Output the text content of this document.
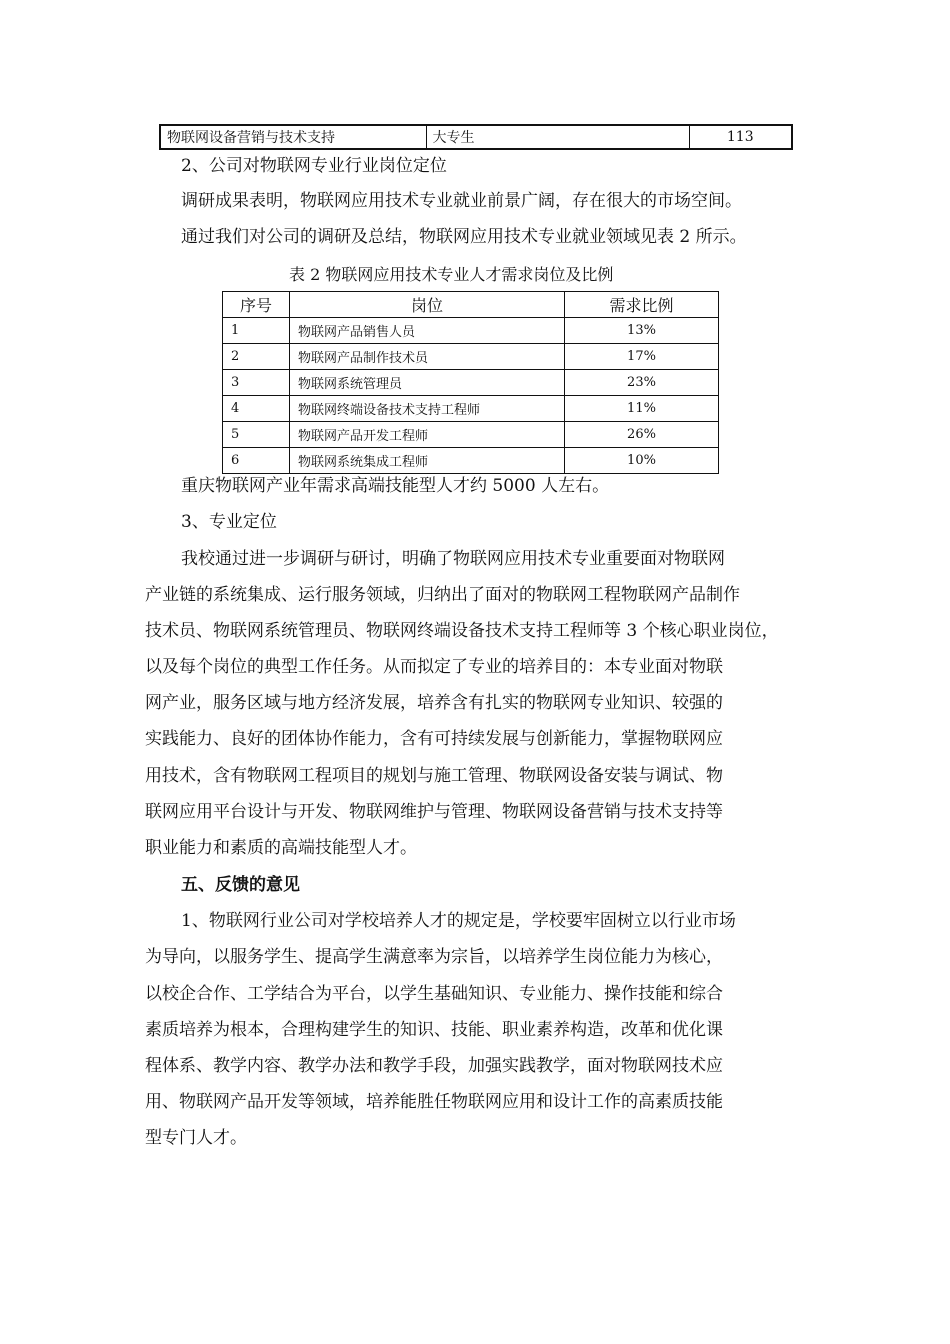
物联网设备营销与技术支持	大专生	113
2、公司对物联网专业行业岗位定位
调研成果表明，物联网应用技术专业就业前景广阔，存在很大的市场空间。
通过我们对公司的调研及总结，物联网应用技术专业就业领域见表 2 所示。
表 2 物联网应用技术专业人才需求岗位及比例
序号	岗位	需求比例
1	物联网产品销售人员	13%
2	物联网产品制作技术员	17%
3	物联网系统管理员	23%
4	物联网终端设备技术支持工程师	11%
5	物联网产品开发工程师	26%
6	物联网系统集成工程师	10%
重庆物联网产业年需求高端技能型人才约 5000 人左右。
3、专业定位
我校通过进一步调研与研讨，明确了物联网应用技术专业重要面对物联网
产业链的系统集成、运行服务领域，归纳出了面对的物联网工程物联网产品制作
技术员、物联网系统管理员、物联网终端设备技术支持工程师等 3 个核心职业岗位，
以及每个岗位的典型工作任务。从而拟定了专业的培养目的：本专业面对物联
网产业，服务区域与地方经济发展，培养含有扎实的物联网专业知识、较强的
实践能力、良好的团体协作能力，含有可持续发展与创新能力，掌握物联网应
用技术，含有物联网工程项目的规划与施工管理、物联网设备安装与调试、物
联网应用平台设计与开发、物联网维护与管理、物联网设备营销与技术支持等
职业能力和素质的高端技能型人才。
五、反馈的意见
1、物联网行业公司对学校培养人才的规定是，学校要牢固树立以行业市场
为导向，以服务学生、提高学生满意率为宗旨，以培养学生岗位能力为核心，
以校企合作、工学结合为平台，以学生基础知识、专业能力、操作技能和综合
素质培养为根本，合理构建学生的知识、技能、职业素养构造，改革和优化课
程体系、教学内容、教学办法和教学手段，加强实践教学，面对物联网技术应
用、物联网产品开发等领域，培养能胜任物联网应用和设计工作的高素质技能
型专门人才。
